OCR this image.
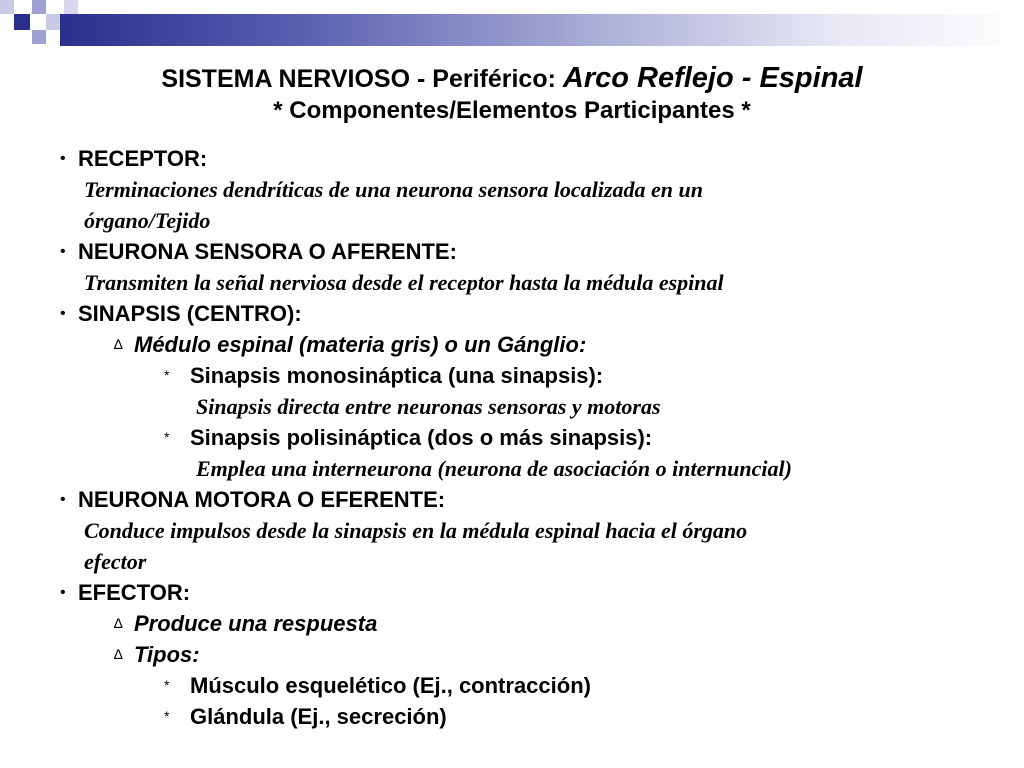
SISTEMA NERVIOSO - Periférico: Arco Reflejo - Espinal
* Componentes/Elementos Participantes *
• RECEPTOR:
Terminaciones dendríticas de una neurona sensora localizada en un
órgano/Tejido
• NEURONA SENSORA O AFERENTE:
Transmiten la señal nerviosa desde el receptor hasta la médula espinal
• SINAPSIS (CENTRO):
∆ Médulo espinal (materia gris) o un Gánglio:
* Sinapsis monosináptica (una sinapsis):
Sinapsis directa entre neuronas sensoras y motoras
* Sinapsis polisináptica (dos o más sinapsis):
Emplea una interneurona (neurona de asociación o internuncial)
• NEURONA MOTORA O EFERENTE:
Conduce impulsos desde la sinapsis en la médula espinal hacia el órgano
efector
• EFECTOR:
∆ Produce una respuesta
∆ Tipos:
* Músculo esquelético (Ej., contracción)
* Glándula (Ej., secreción)
